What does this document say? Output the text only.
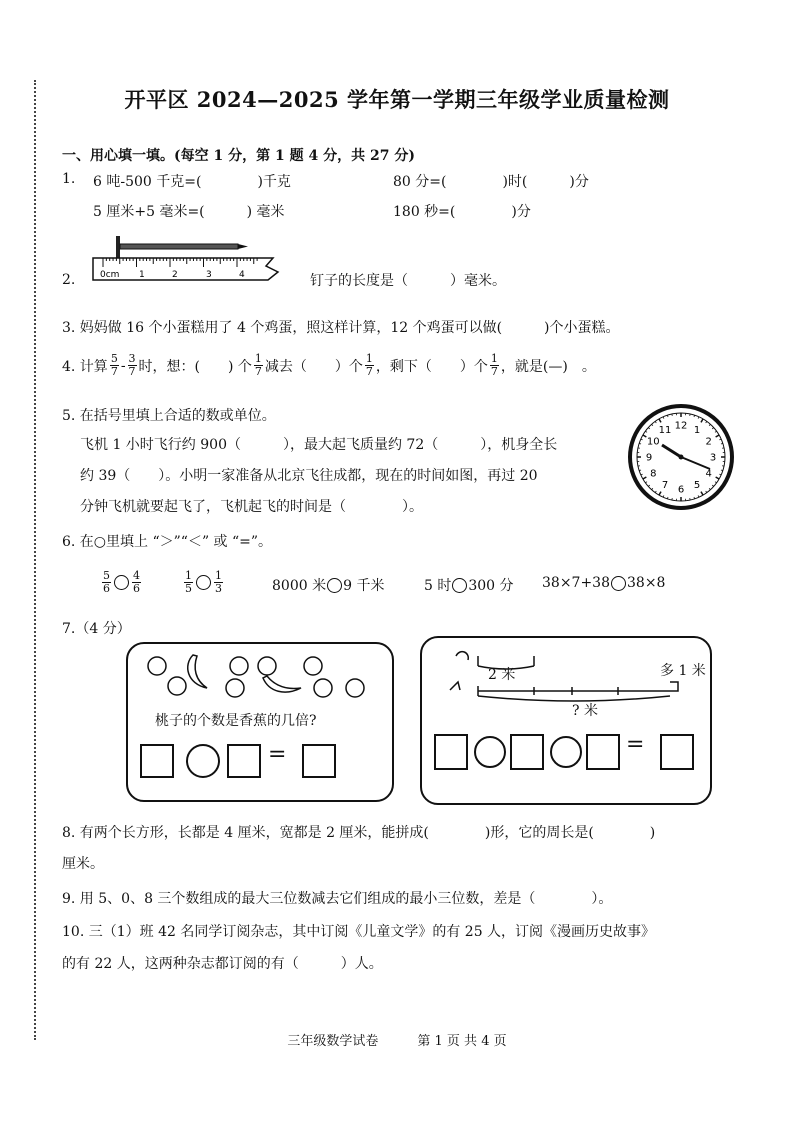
开平区 2024—2025 学年第一学期三年级学业质量检测
一、用心填一填。(每空 1 分，第 1 题 4 分，共 27 分)
1. 6 吨-500 千克=(　　　　)千克	80 分=(　　　　)时(　　　)分
5 厘米+5 毫米=(　　　) 毫米	180 秒=(　　　　)分
2.	0cm 1	2	3	4	钉子的长度是（　　　）毫米。
3. 妈妈做 16 个小蛋糕用了 4 个鸡蛋，照这样计算，12 个鸡蛋可以做(　　　)个小蛋糕。
4. 计算 $\frac{5}{7} - \frac{3}{7}$ 时，想：(　　) 个 $\frac{1}{7}$ 减去（　　）个 $\frac{1}{7}$ ，剩下（　　）个 $\frac{1}{7}$ ，就是(—)　。
5. 在括号里填上合适的数或单位。
飞机 1 小时飞行约 900（　　　），最大起飞质量约 72（　　　），机身全长
约 39（　　）。小明一家准备从北京飞往成都，现在的时间如图，再过 20
分钟飞机就要起飞了，飞机起飞的时间是（　　　　）。
12 1
2
3
4
5
6
7
8
9
10
11
6. 在○里填上 “＞”“＜” 或 “=”。
$\frac{5}{6} \frac{4}{6}$	$\frac{1}{5} \frac{1}{3}$	8000 米 9 千米	5 时 300 分 38×7+38 38×8
7.（4 分）
桃子的个数是香蕉的几倍?
=
2 米	多 1 米
? 米
=
8. 有两个长方形，长都是 4 厘米，宽都是 2 厘米，能拼成(　　　　)形，它的周长是(　　　　)
厘米。
9. 用 5、0、8 三个数组成的最大三位数减去它们组成的最小三位数，差是（　　　　）。
10. 三（1）班 42 名同学订阅杂志，其中订阅《儿童文学》的有 25 人，订阅《漫画历史故事》
的有 22 人，这两种杂志都订阅的有（　　　）人。
三年级数学试卷　　　第 1 页 共 4 页
